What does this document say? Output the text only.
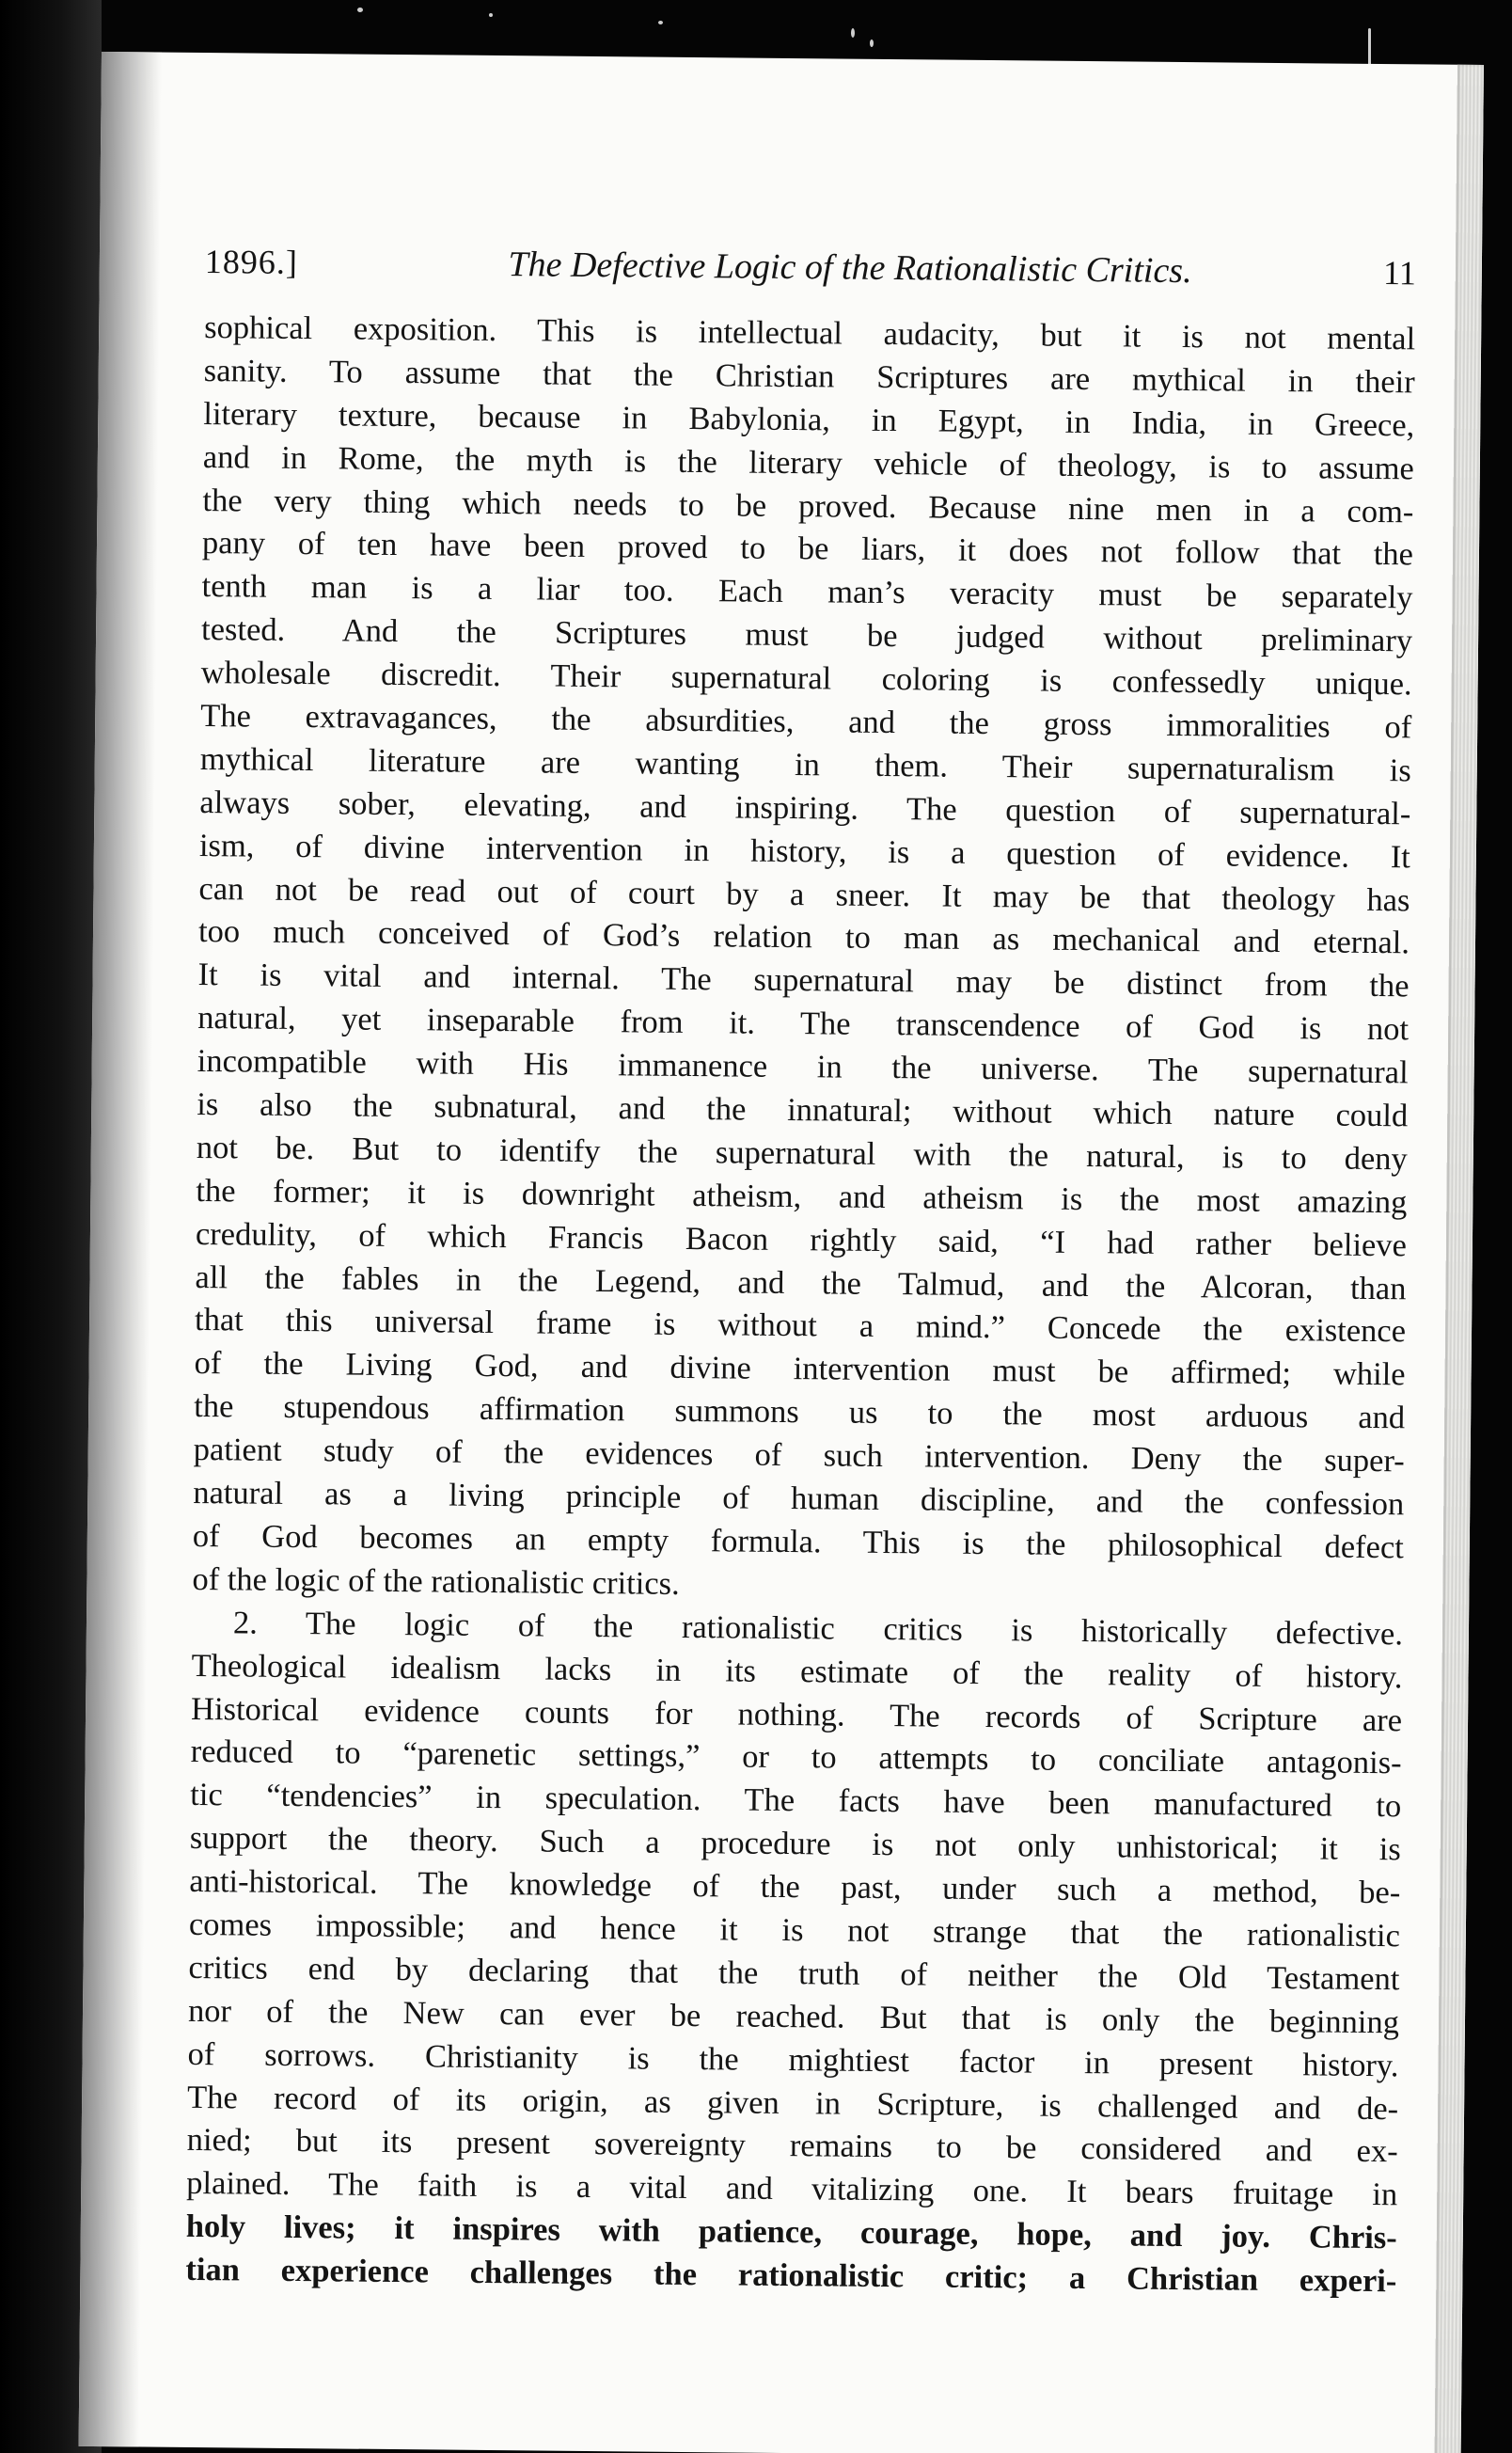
1896.]	The Defective Logic of the Rationalistic Critics.	11
sophical exposition. This is intellectual audacity, but it is not mental
sanity. To assume that the Christian Scriptures are mythical in their
literary texture, because in Babylonia, in Egypt, in India, in Greece,
and in Rome, the myth is the literary vehicle of theology, is to assume
the very thing which needs to be proved. Because nine men in a com-
pany of ten have been proved to be liars, it does not follow that the
tenth man is a liar too. Each man’s veracity must be separately
tested. And the Scriptures must be judged without preliminary
wholesale discredit. Their supernatural coloring is confessedly unique.
The extravagances, the absurdities, and the gross immoralities of
mythical literature are wanting in them. Their supernaturalism is
always sober, elevating, and inspiring. The question of supernatural-
ism, of divine intervention in history, is a question of evidence. It
can not be read out of court by a sneer. It may be that theology has
too much conceived of God’s relation to man as mechanical and eternal.
It is vital and internal. The supernatural may be distinct from the
natural, yet inseparable from it. The transcendence of God is not
incompatible with His immanence in the universe. The supernatural
is also the subnatural, and the innatural; without which nature could
not be. But to identify the supernatural with the natural, is to deny
the former; it is downright atheism, and atheism is the most amazing
credulity, of which Francis Bacon rightly said, “I had rather believe
all the fables in the Legend, and the Talmud, and the Alcoran, than
that this universal frame is without a mind.” Concede the existence
of the Living God, and divine intervention must be affirmed; while
the stupendous affirmation summons us to the most arduous and
patient study of the evidences of such intervention. Deny the super-
natural as a living principle of human discipline, and the confession
of God becomes an empty formula. This is the philosophical defect
of the logic of the rationalistic critics.
2. The logic of the rationalistic critics is historically defective.
Theological idealism lacks in its estimate of the reality of history.
Historical evidence counts for nothing. The records of Scripture are
reduced to “parenetic settings,” or to attempts to conciliate antagonis-
tic “tendencies” in speculation. The facts have been manufactured to
support the theory. Such a procedure is not only unhistorical; it is
anti-historical. The knowledge of the past, under such a method, be-
comes impossible; and hence it is not strange that the rationalistic
critics end by declaring that the truth of neither the Old Testament
nor of the New can ever be reached. But that is only the beginning
of sorrows. Christianity is the mightiest factor in present history.
The record of its origin, as given in Scripture, is challenged and de-
nied; but its present sovereignty remains to be considered and ex-
plained. The faith is a vital and vitalizing one. It bears fruitage in
holy lives; it inspires with patience, courage, hope, and joy. Chris-
tian experience challenges the rationalistic critic; a Christian experi-
